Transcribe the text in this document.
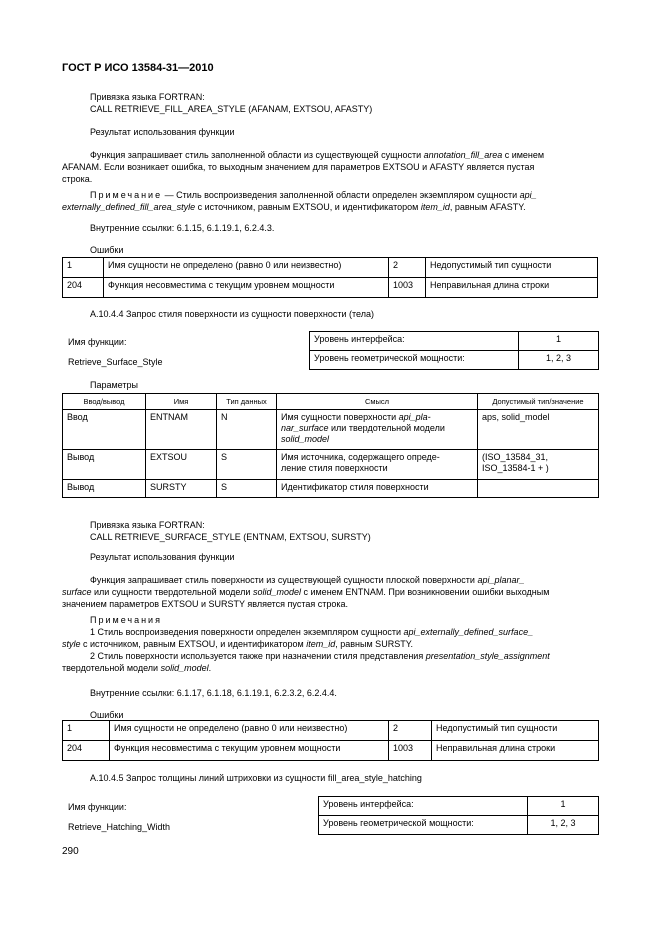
ГОСТ Р ИСО 13584-31—2010
Привязка языка FORTRAN:
CALL RETRIEVE_FILL_AREA_STYLE (AFANAM, EXTSOU, AFASTY)
Результат использования функции
Функция запрашивает стиль заполненной области из существующей сущности annotation_fill_area с именем
AFANAM. Если возникает ошибка, то выходным значением для параметров EXTSOU и AFASTY является пустая
строка.
Примечание — Стиль воспроизведения заполненной области определен экземпляром сущности api_
externally_defined_fill_area_style с источником, равным EXTSOU, и идентификатором item_id, равным AFASTY.
Внутренние ссылки: 6.1.15, 6.1.19.1, 6.2.4.3.
Ошибки
1	Имя сущности не определено (равно 0 или неизвестно)	2	Недопустимый тип сущности
204	Функция несовместима с текущим уровнем мощности	1003	Неправильная длина строки
А.10.4.4 Запрос стиля поверхности из сущности поверхности (тела)
Имя функции:
Retrieve_Surface_Style
Уровень интерфейса:	1
Уровень геометрической мощности:	1, 2, 3
Параметры
Ввод/вывод	Имя	Тип данных	Смысл	Допустимый тип/значение
Ввод	ENTNAM	N	Имя сущности поверхности api_pla-
nar_surface или твердотельной модели
solid_model	aps, solid_model
Вывод	EXTSOU	S	Имя источника, содержащего опреде-
ление стиля поверхности	(ISO_13584_31,
ISO_13584-1 + )
Вывод	SURSTY	S	Идентификатор стиля поверхности	
Привязка языка FORTRAN:
CALL RETRIEVE_SURFACE_STYLE (ENTNAM, EXTSOU, SURSTY)
Результат использования функции
Функция запрашивает стиль поверхности из существующей сущности плоской поверхности api_planar_
surface или сущности твердотельной модели solid_model с именем ENTNAM. При возникновении ошибки выходным
значением параметров EXTSOU и SURSTY является пустая строка.
Примечания
1 Стиль воспроизведения поверхности определен экземпляром сущности api_externally_defined_surface_
style с источником, равным EXTSOU, и идентификатором item_id, равным SURSTY.
2 Стиль поверхности используется также при назначении стиля представления presentation_style_assignment
твердотельной модели solid_model.
Внутренние ссылки: 6.1.17, 6.1.18, 6.1.19.1, 6.2.3.2, 6.2.4.4.
Ошибки
1	Имя сущности не определено (равно 0 или неизвестно)	2	Недопустимый тип сущности
204	Функция несовместима с текущим уровнем мощности	1003	Неправильная длина строки
А.10.4.5 Запрос толщины линий штриховки из сущности fill_area_style_hatching
Имя функции:
Retrieve_Hatching_Width
Уровень интерфейса:	1
Уровень геометрической мощности:	1, 2, 3
290
